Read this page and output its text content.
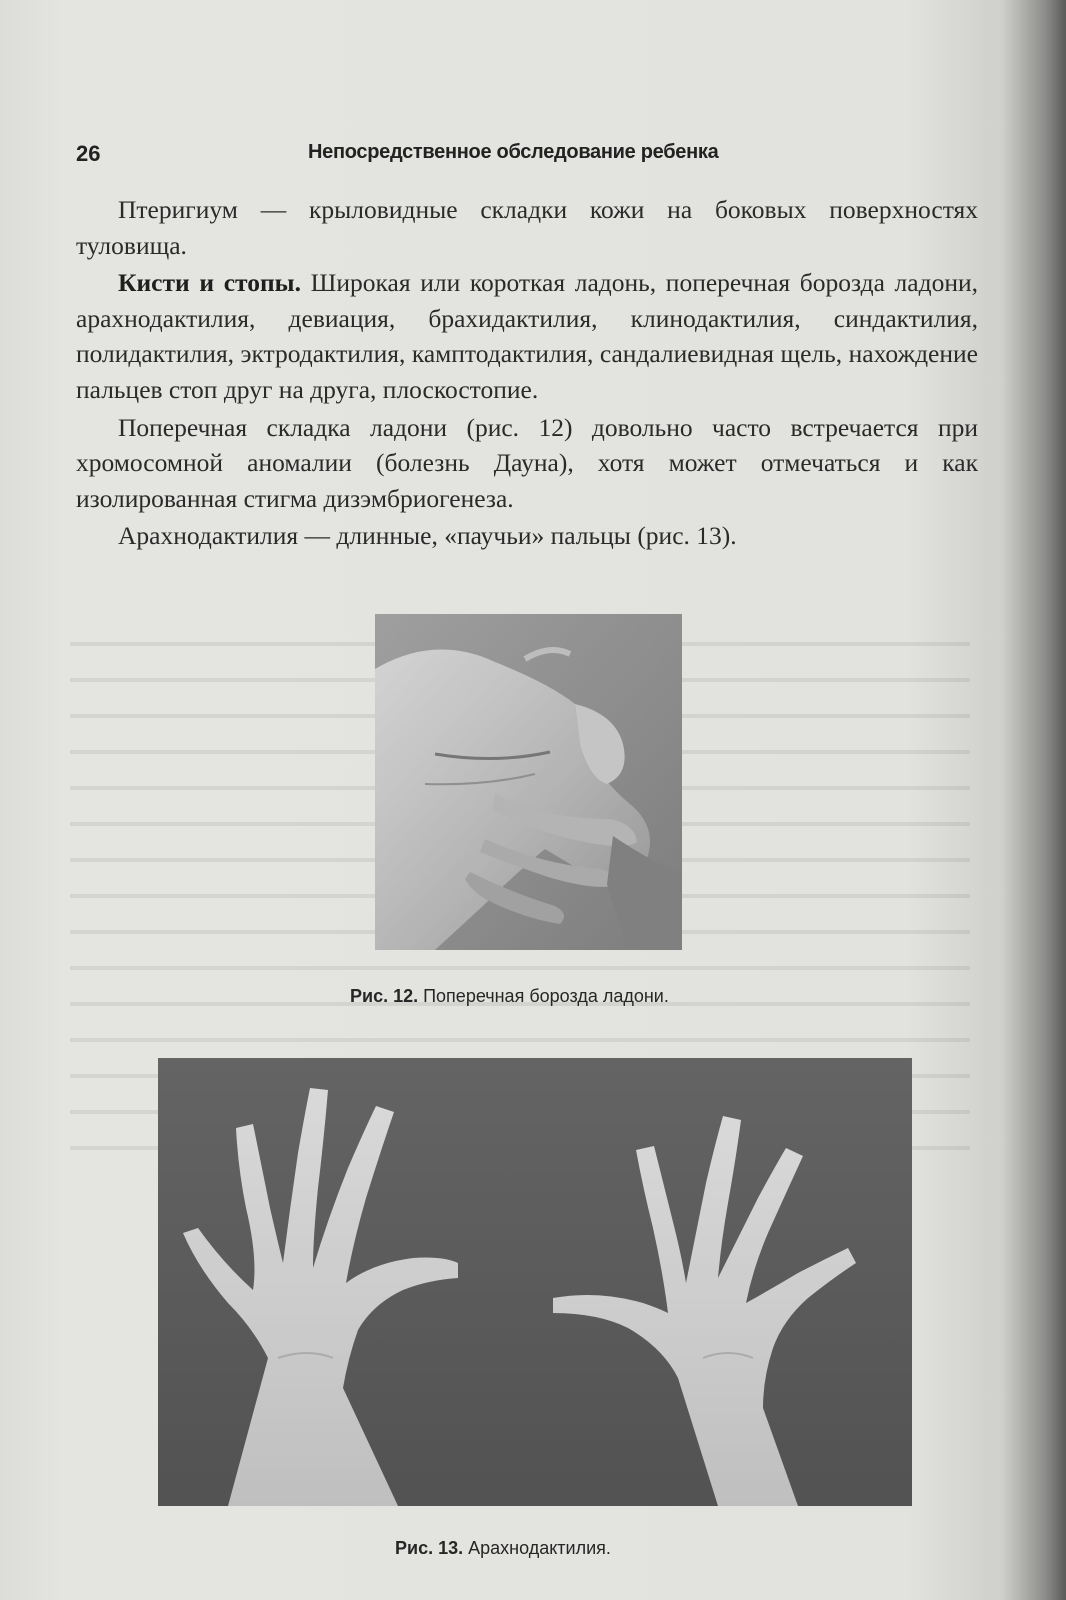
26	Непосредственное обследование ребенка

Птеригиум — крыловидные складки кожи на боковых поверхностях туловища.

Кисти и стопы. Широкая или короткая ладонь, поперечная борозда ладони, арахнодактилия, девиация, брахидактилия, клинодактилия, синдактилия, полидактилия, эктродактилия, камптодактилия, сандалиевидная щель, нахождение пальцев стоп друг на друга, плоскостопие.

Поперечная складка ладони (рис. 12) довольно часто встречается при хромосомной аномалии (болезнь Дауна), хотя может отмечаться и как изолированная стигма дизэмбриогенеза.

Арахнодактилия — длинные, «паучьи» пальцы (рис. 13).

Рис. 12. Поперечная борозда ладони.
Рис. 13. Арахнодактилия.
